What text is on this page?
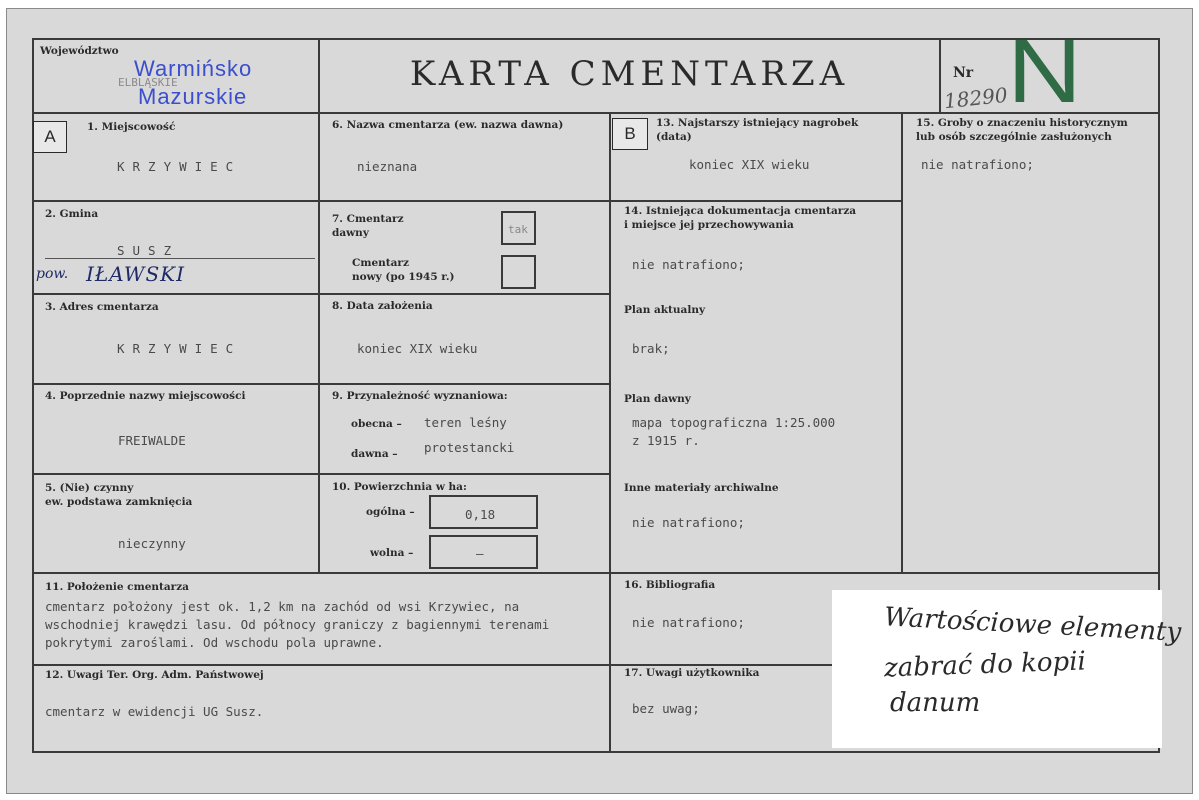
Województwo
ELBLĄSKIE
Warmińsko
Mazurskie
KARTA CMENTARZA	Nr
18290
N
A	B
1. Miejscowość
KRZYWIEC
2. Gmina
SUSZ
pow. IŁAWSKI
3. Adres cmentarza
KRZYWIEC
4. Poprzednie nazwy miejscowości
FREIWALDE
5. (Nie) czynny
ew. podstawa zamknięcia
nieczynny
6. Nazwa cmentarza (ew. nazwa dawna)
nieznana
7. Cmentarz
dawny	tak
Cmentarz
nowy (po 1945 r.)
8. Data założenia
koniec XIX wieku
9. Przynależność wyznaniowa:
obecna – teren leśny
dawna – protestancki
10. Powierzchnia w ha:
ogólna –	0,18
wolna –	–
13. Najstarszy istniejący nagrobek
(data)
koniec XIX wieku
14. Istniejąca dokumentacja cmentarza
i miejsce jej przechowywania
nie natrafiono;
Plan aktualny
brak;
Plan dawny
mapa topograficzna 1:25.000
z 1915 r.
Inne materiały archiwalne
nie natrafiono;
15. Groby o znaczeniu historycznym
lub osób szczególnie zasłużonych
nie natrafiono;
11. Położenie cmentarza
cmentarz położony jest ok. 1,2 km na zachód od wsi Krzywiec, na
wschodniej krawędzi lasu. Od północy graniczy z bagiennymi terenami
pokrytymi zaroślami. Od wschodu pola uprawne.
12. Uwagi Ter. Org. Adm. Państwowej
cmentarz w ewidencji UG Susz.
16. Bibliografia
nie natrafiono;
17. Uwagi użytkownika
bez uwag;
Wartościowe elementy
zabrać do kopii
danum
